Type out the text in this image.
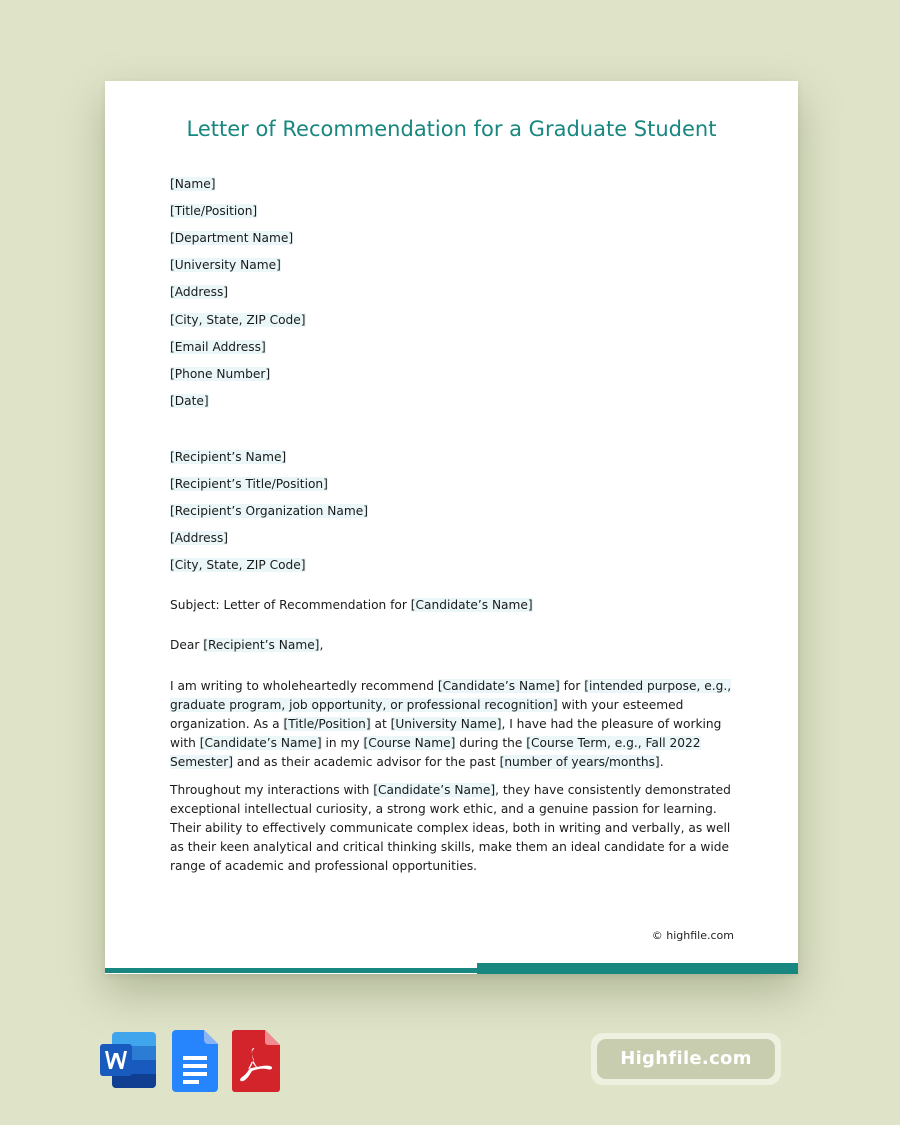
Letter of Recommendation for a Graduate Student
[Name]
[Title/Position]
[Department Name]
[University Name]
[Address]
[City, State, ZIP Code]
[Email Address]
[Phone Number]
[Date]
[Recipient’s Name]
[Recipient’s Title/Position]
[Recipient’s Organization Name]
[Address]
[City, State, ZIP Code]
Subject: Letter of Recommendation for [Candidate’s Name]
Dear [Recipient’s Name],
I am writing to wholeheartedly recommend [Candidate’s Name] for [intended purpose, e.g., graduate program, job opportunity, or professional recognition] with your esteemed organization. As a [Title/Position] at [University Name], I have had the pleasure of working with [Candidate’s Name] in my [Course Name] during the [Course Term, e.g., Fall 2022 Semester] and as their academic advisor for the past [number of years/months].
Throughout my interactions with [Candidate’s Name], they have consistently demonstrated exceptional intellectual curiosity, a strong work ethic, and a genuine passion for learning. Their ability to effectively communicate complex ideas, both in writing and verbally, as well as their keen analytical and critical thinking skills, make them an ideal candidate for a wide range of academic and professional opportunities.
© highfile.com
Highfile.com
